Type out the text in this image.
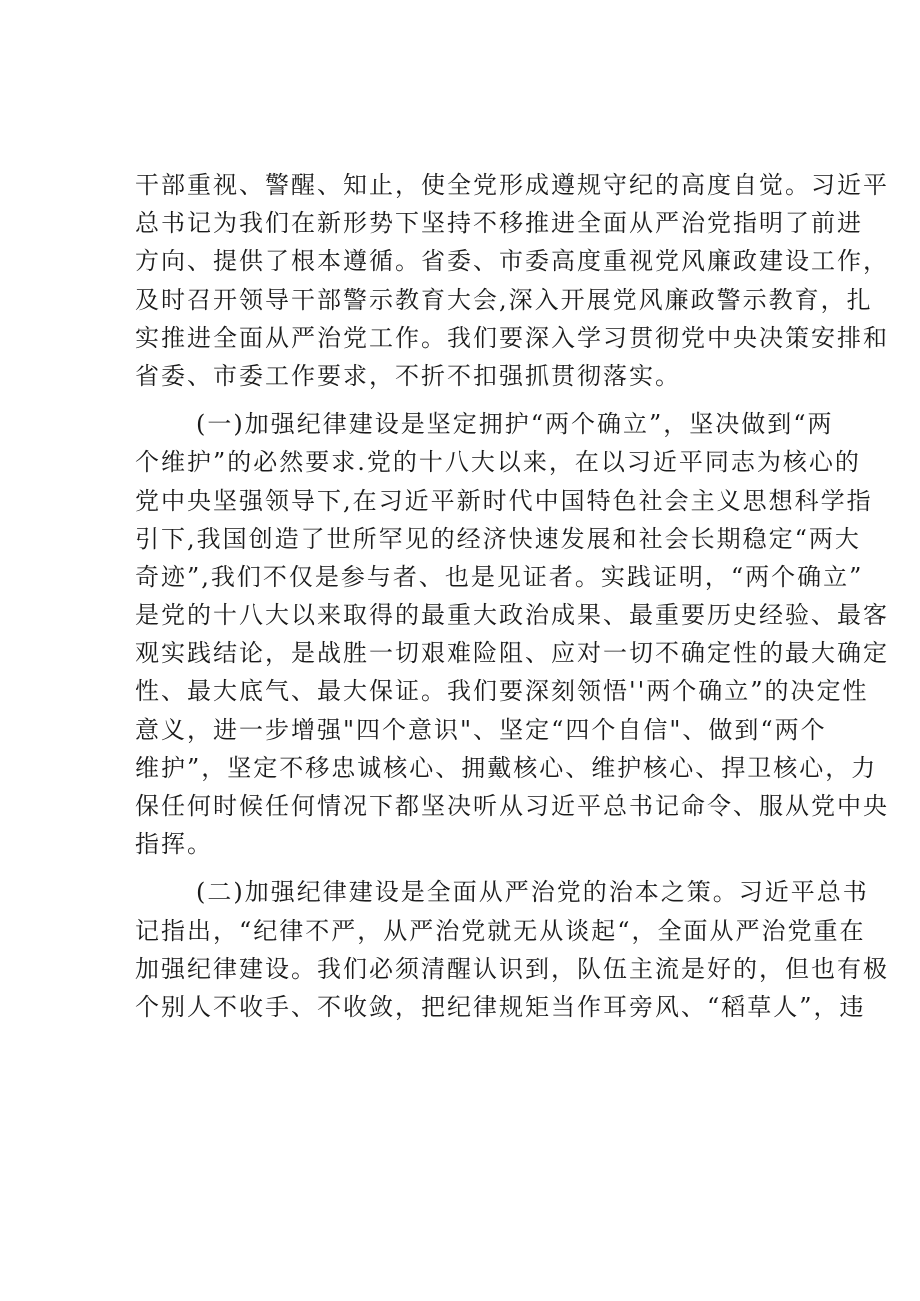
干部重视、警醒、知止，使全党形成遵规守纪的高度自觉。习近平
总书记为我们在新形势下坚持不移推进全面从严治党指明了前进
方向、提供了根本遵循。省委、市委高度重视党风廉政建设工作，
及时召开领导干部警示教育大会,深入开展党风廉政警示教育，扎
实推进全面从严治党工作。我们要深入学习贯彻党中央决策安排和
省委、市委工作要求，不折不扣强抓贯彻落实。
(一)加强纪律建设是坚定拥护“两个确立”，坚决做到“两
个维护”的必然要求.党的十八大以来，在以习近平同志为核心的
党中央坚强领导下,在习近平新时代中国特色社会主义思想科学指
引下,我国创造了世所罕见的经济快速发展和社会长期稳定“两大
奇迹”,我们不仅是参与者、也是见证者。实践证明，“两个确立”
是党的十八大以来取得的最重大政治成果、最重要历史经验、最客
观实践结论，是战胜一切艰难险阻、应对一切不确定性的最大确定
性、最大底气、最大保证。我们要深刻领悟''两个确立”的决定性
意义，进一步增强"四个意识"、坚定“四个自信"、做到“两个
维护”，坚定不移忠诚核心、拥戴核心、维护核心、捍卫核心，力
保任何时候任何情况下都坚决听从习近平总书记命令、服从党中央
指挥。
(二)加强纪律建设是全面从严治党的治本之策。习近平总书
记指出，“纪律不严，从严治党就无从谈起“，全面从严治党重在
加强纪律建设。我们必须清醒认识到，队伍主流是好的，但也有极
个别人不收手、不收敛，把纪律规矩当作耳旁风、“稻草人”，违
